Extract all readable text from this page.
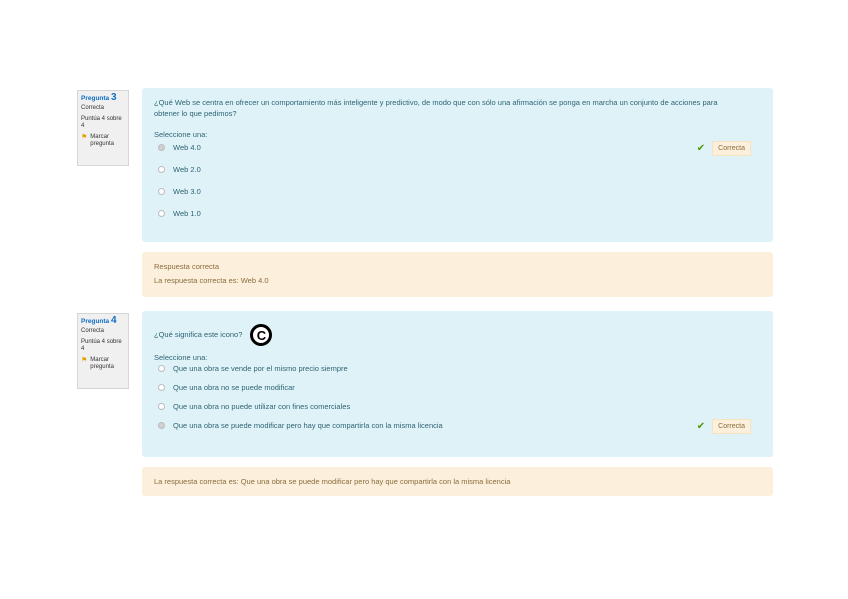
Pregunta 3
Correcta
Puntúa 4 sobre 4
⚑ Marcar pregunta
¿Qué Web se centra en ofrecer un comportamiento más inteligente y predictivo, de modo que con sólo una afirmación se ponga en marcha un conjunto de acciones para obtener lo que pedimos?
Seleccione una:
Web 4.0	✔	Correcta
Web 2.0
Web 3.0
Web 1.0
Respuesta correcta
La respuesta correcta es: Web 4.0
Pregunta 4
Correcta
Puntúa 4 sobre 4
⚑ Marcar pregunta
¿Qué significa este icono? C
Seleccione una:
Que una obra se vende por el mismo precio siempre
Que una obra no se puede modificar
Que una obra no puede utilizar con fines comerciales
Que una obra se puede modificar pero hay que compartirla con la misma licencia	✔	Correcta
La respuesta correcta es: Que una obra se puede modificar pero hay que compartirla con la misma licencia
